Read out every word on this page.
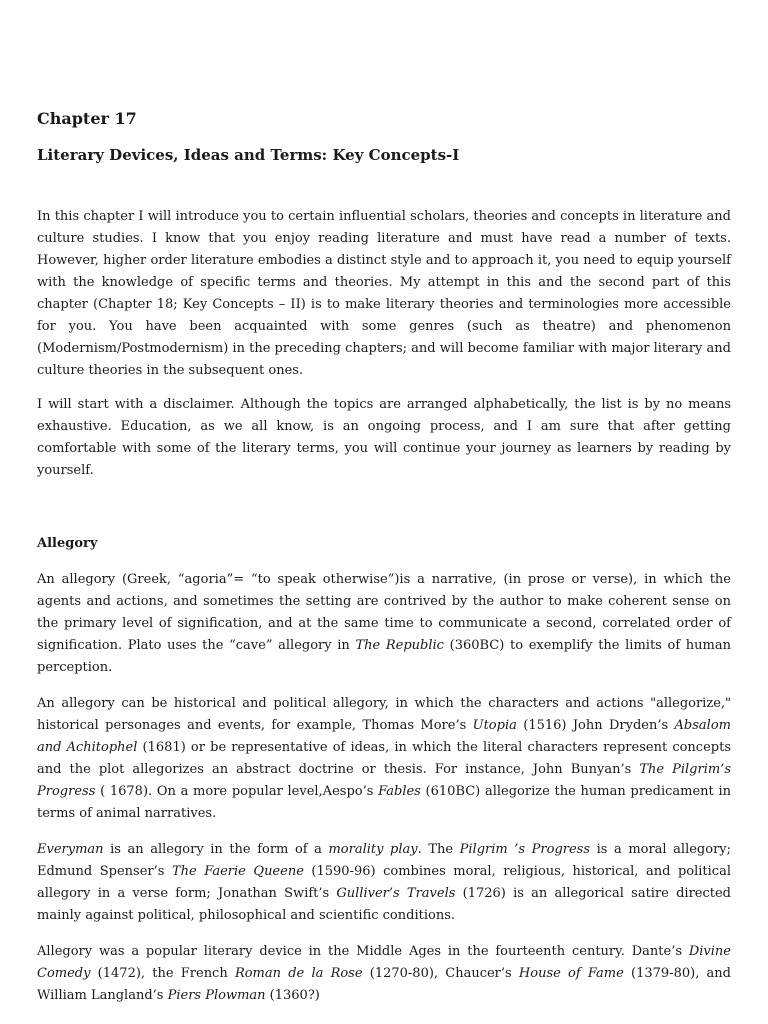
Chapter 17
Literary Devices, Ideas and Terms: Key Concepts-I

In this chapter I will introduce you to certain influential scholars, theories and concepts in literature and culture studies. I know that you enjoy reading literature and must have read a number of texts. However, higher order literature embodies a distinct style and to approach it, you need to equip yourself with the knowledge of specific terms and theories. My attempt in this and the second part of this chapter (Chapter 18; Key Concepts – II) is to make literary theories and terminologies more accessible for you. You have been acquainted with some genres (such as theatre) and phenomenon (Modernism/Postmodernism) in the preceding chapters; and will become familiar with major literary and culture theories in the subsequent ones.

I will start with a disclaimer. Although the topics are arranged alphabetically, the list is by no means exhaustive. Education, as we all know, is an ongoing process, and I am sure that after getting comfortable with some of the literary terms, you will continue your journey as learners by reading by yourself.

Allegory

An allegory (Greek, “agoria”= “to speak otherwise”)is a narrative, (in prose or verse), in which the agents and actions, and sometimes the setting are contrived by the author to make coherent sense on the primary level of signification, and at the same time to communicate a second, correlated order of signification. Plato uses the “cave” allegory in The Republic (360BC) to exemplify the limits of human perception.

An allegory can be historical and political allegory, in which the characters and actions "allegorize," historical personages and events, for example, Thomas More’s Utopia (1516) John Dryden’s Absalom and Achitophel (1681) or be representative of ideas, in which the literal characters represent concepts and the plot allegorizes an abstract doctrine or thesis. For instance, John Bunyan’s The Pilgrim’s Progress ( 1678). On a more popular level,Aespo’s Fables (610BC) allegorize the human predicament in terms of animal narratives.

Everyman is an allegory in the form of a morality play. The Pilgrim ’s Progress is a moral allegory; Edmund Spenser’s The Faerie Queene (1590-96) combines moral, religious, historical, and political allegory in a verse form; Jonathan Swift’s Gulliver’s Travels (1726) is an allegorical satire directed mainly against political, philosophical and scientific conditions.

Allegory was a popular literary device in the Middle Ages in the fourteenth century. Dante’s Divine Comedy (1472), the French Roman de la Rose (1270-80), Chaucer’s House of Fame (1379-80), and William Langland’s Piers Plowman (1360?)
